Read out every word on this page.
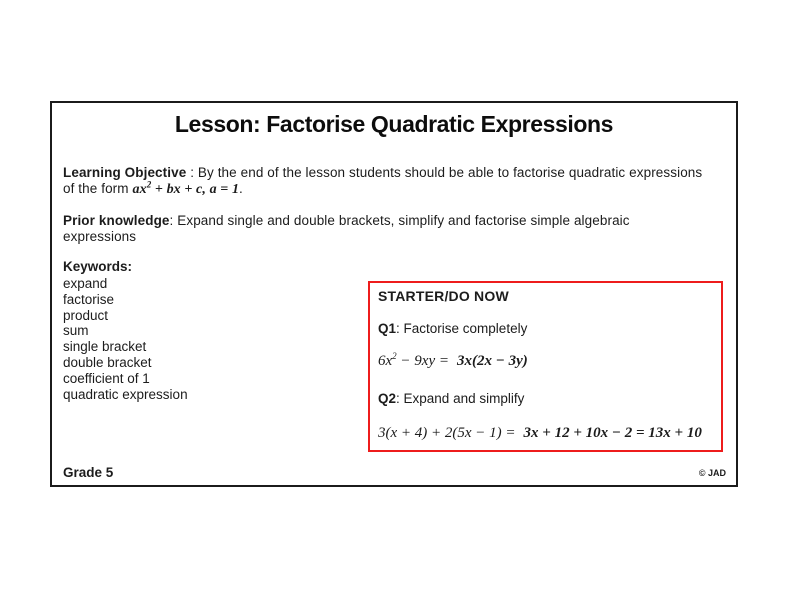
Lesson: Factorise Quadratic Expressions
Learning Objective : By the end of the lesson students should be able to factorise quadratic expressions
of the form $ax^2$ + bx + c, a = 1.
Prior knowledge: Expand single and double brackets, simplify and factorise simple algebraic
expressions
Keywords:
expand
factorise
product
sum
single bracket
double bracket
coefficient of 1
quadratic expression
STARTER/DO NOW
Q1: Factorise completely
$6x^2 - 9xy = 3x(2x - 3y)$
Q2: Expand and simplify
3(x + 4) + 2(5x − 1) = 3x + 12 + 10x − 2 = 13x + 10
Grade 5	© JAD
